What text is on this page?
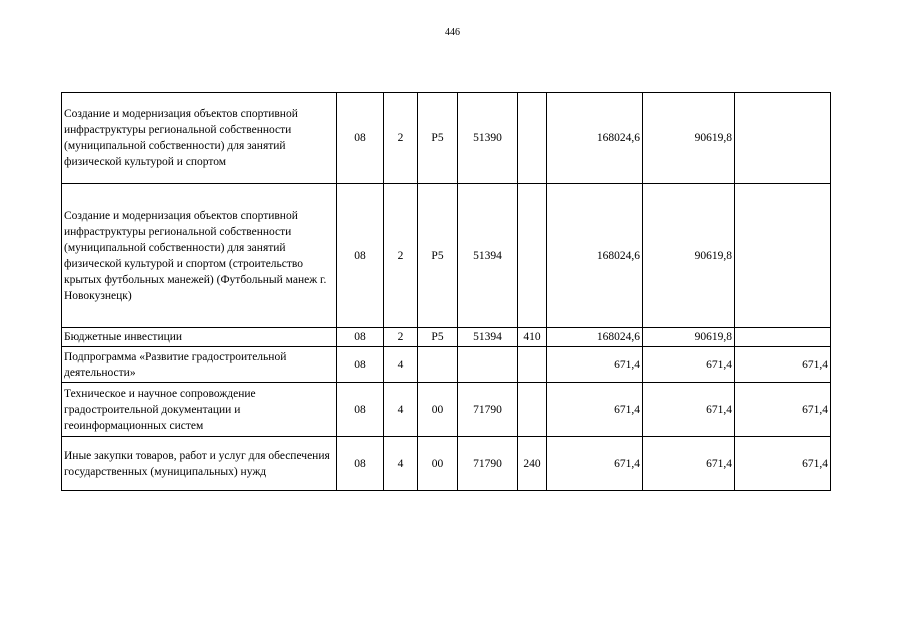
446
Создание и модернизация объектов спортивной инфраструктуры региональной собственности (муниципальной собственности) для занятий физической культурой и спортом	08	2	P5	51390		168024,6	90619,8	
Создание и модернизация объектов спортивной инфраструктуры региональной собственности (муниципальной собственности) для занятий физической культурой и спортом (строительство крытых футбольных манежей) (Футбольный манеж г. Новокузнецк)	08	2	P5	51394		168024,6	90619,8	
Бюджетные инвестиции	08	2	P5	51394	410	168024,6	90619,8	
Подпрограмма «Развитие градостроительной деятельности»	08	4				671,4	671,4	671,4
Техническое и научное сопровождение градостроительной документации и геоинформационных систем	08	4	00	71790		671,4	671,4	671,4
Иные закупки товаров, работ и услуг для обеспечения государственных (муниципальных) нужд	08	4	00	71790	240	671,4	671,4	671,4
